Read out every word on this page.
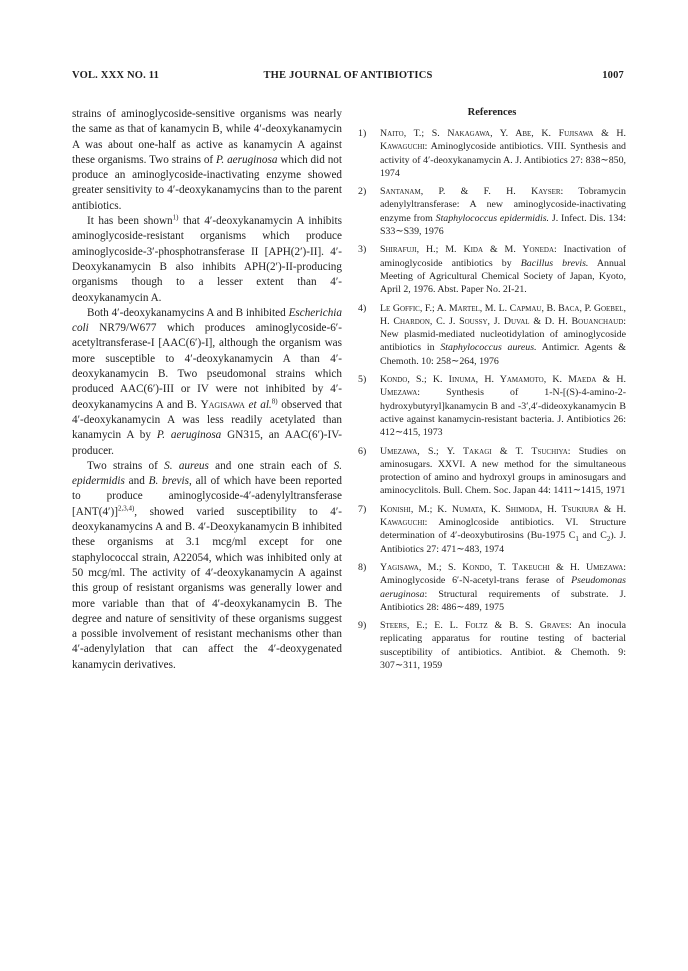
VOL. XXX NO. 11	THE JOURNAL OF ANTIBIOTICS	1007

strains of aminoglycoside-sensitive organisms was nearly the same as that of kanamycin B, while 4′-deoxykanamycin A was about one-half as active as kanamycin A against these organisms. Two strains of P. aeruginosa which did not produce an aminoglycoside-inactivating enzyme showed greater sensitivity to 4′-deoxykanamycins than to the parent antibiotics.

It has been shown$^{1)}$ that 4′-deoxykanamycin A inhibits aminoglycoside-resistant organisms which produce aminoglycoside-3′-phosphotransferase II [APH(2′)-II]. 4′-Deoxykanamycin B also inhibits APH(2′)-II-producing organisms though to a lesser extent than 4′-deoxykanamycin A.

Both 4′-deoxykanamycins A and B inhibited Escherichia coli NR79/W677 which produces aminoglycoside-6′-acetyltransferase-I [AAC(6′)-I], although the organism was more susceptible to 4′-deoxykanamycin A than 4′-deoxykanamycin B. Two pseudomonal strains which produced AAC(6′)-III or IV were not inhibited by 4′-deoxykanamycins A and B. Yagisawa et al.$^{8)}$ observed that 4′-deoxykanamycin A was less readily acetylated than kanamycin A by P. aeruginosa GN315, an AAC(6′)-IV-producer.

Two strains of S. aureus and one strain each of S. epidermidis and B. brevis, all of which have been reported to produce aminoglycoside-4′-adenylyltransferase $[ANT(4')]^{2,3,4)}$, showed varied susceptibility to 4′-deoxykanamycins A and B. 4′-Deoxykanamycin B inhibited these organisms at 3.1 mcg/ml except for one staphylococcal strain, A22054, which was inhibited only at 50 mcg/ml. The activity of 4′-deoxykanamycin A against this group of resistant organisms was generally lower and more variable than that of 4′-deoxykanamycin B. The degree and nature of sensitivity of these organisms suggest a possible involvement of resistant mechanisms other than 4′-adenylylation that can affect the 4′-deoxygenated kanamycin derivatives.

References
1)	Naito, T.; S. Nakagawa, Y. Abe, K. Fujisawa & H. Kawaguchi: Aminoglycoside antibiotics. VIII. Synthesis and activity of 4′-deoxykanamycin A. J. Antibiotics 27: 838∼850, 1974
2)	Santanam, P. & F. H. Kayser: Tobramycin adenylyltransferase: A new aminoglycoside-inactivating enzyme from Staphylococcus epidermidis. J. Infect. Dis. 134: S33∼S39, 1976
3)	Shirafuji, H.; M. Kida & M. Yoneda: Inactivation of aminoglycoside antibiotics by Bacillus brevis. Annual Meeting of Agricultural Chemical Society of Japan, Kyoto, April 2, 1976. Abst. Paper No. 2I-21.
4)	Le Goffic, F.; A. Martel, M. L. Capmau, B. Baca, P. Goebel, H. Chardon, C. J. Soussy, J. Duval & D. H. Bouanchaud: New plasmid-mediated nucleotidylation of aminoglycoside antibiotics in Staphylococcus aureus. Antimicr. Agents & Chemoth. 10: 258∼264, 1976
5)	Kondo, S.; K. Iinuma, H. Yamamoto, K. Maeda & H. Umezawa: Synthesis of 1-N-[(S)-4-amino-2-hydroxybutyryl]kanamycin B and -3′,4′-dideoxykanamycin B active against kanamycin-resistant bacteria. J. Antibiotics 26: 412∼415, 1973
6)	Umezawa, S.; Y. Takagi & T. Tsuchiya: Studies on aminosugars. XXVI. A new method for the simultaneous protection of amino and hydroxyl groups in aminosugars and aminocyclitols. Bull. Chem. Soc. Japan 44: 1411∼1415, 1971
7)	Konishi, M.; K. Numata, K. Shimoda, H. Tsukiura & H. Kawaguchi: Aminoglcoside antibiotics. VI. Structure determination of 4′-deoxybutirosins (Bu-1975 $C_1$ and $C_2$). J. Antibiotics 27: 471∼483, 1974
8)	Yagisawa, M.; S. Kondo, T. Takeuchi & H. Umezawa: Aminoglycoside 6′-N-acetyl-trans ferase of Pseudomonas aeruginosa: Structural requirements of substrate. J. Antibiotics 28: 486∼489, 1975
9)	Steers, E.; E. L. Foltz & B. S. Graves: An inocula replicating apparatus for routine testing of bacterial susceptibility of antibiotics. Antibiot. & Chemoth. 9: 307∼311, 1959
